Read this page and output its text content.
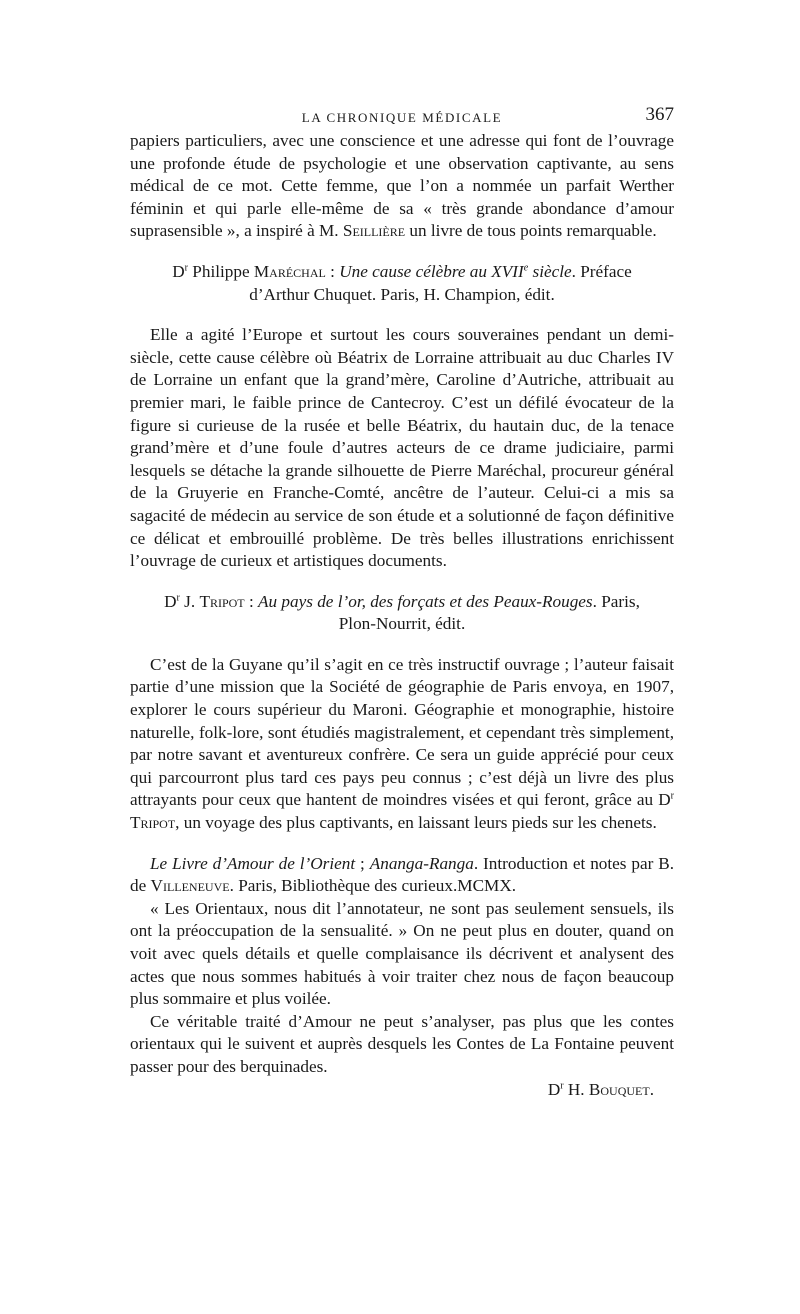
LA CHRONIQUE MÉDICALE	367

papiers particuliers, avec une conscience et une adresse qui font de l’ouvrage une profonde étude de psychologie et une observation captivante, au sens médical de ce mot. Cette femme, que l’on a nommée un parfait Werther féminin et qui parle elle-même de sa « très grande abondance d’amour suprasensible », a inspiré à M. Seillière un livre de tous points remarquable.

$D^r$ Philippe Maréchal : Une cause célèbre au XVIIe siècle. Préface
d’Arthur Chuquet. Paris, H. Champion, édit.

Elle a agité l’Europe et surtout les cours souveraines pendant un demi-siècle, cette cause célèbre où Béatrix de Lorraine attribuait au duc Charles IV de Lorraine un enfant que la grand’mère, Caroline d’Autriche, attribuait au premier mari, le faible prince de Cantecroy. C’est un défilé évocateur de la figure si curieuse de la rusée et belle Béatrix, du hautain duc, de la tenace grand’mère et d’une foule d’autres acteurs de ce drame judiciaire, parmi lesquels se détache la grande silhouette de Pierre Maréchal, procureur général de la Gruyerie en Franche-Comté, ancêtre de l’auteur. Celui-ci a mis sa sagacité de médecin au service de son étude et a solutionné de façon définitive ce délicat et embrouillé problème. De très belles illustrations enrichissent l’ouvrage de curieux et artistiques documents.

$D^r$ J. Tripot : Au pays de l’or, des forçats et des Peaux-Rouges. Paris,
Plon-Nourrit, édit.

C’est de la Guyane qu’il s’agit en ce très instructif ouvrage ; l’auteur faisait partie d’une mission que la Société de géographie de Paris envoya, en 1907, explorer le cours supérieur du Maroni. Géographie et monographie, histoire naturelle, folk-lore, sont étudiés magistralement, et cependant très simplement, par notre savant et aventureux confrère. Ce sera un guide apprécié pour ceux qui parcourront plus tard ces pays peu connus ; c’est déjà un livre des plus attrayants pour ceux que hantent de moindres visées et qui feront, grâce au $D^r$ Tripot, un voyage des plus captivants, en laissant leurs pieds sur les chenets.

Le Livre d’Amour de l’Orient ; Ananga-Ranga. Introduction et notes par B. de Villeneuve. Paris, Bibliothèque des curieux.MCMX.

« Les Orientaux, nous dit l’annotateur, ne sont pas seulement sensuels, ils ont la préoccupation de la sensualité. » On ne peut plus en douter, quand on voit avec quels détails et quelle complaisance ils décrivent et analysent des actes que nous sommes habitués à voir traiter chez nous de façon beaucoup plus sommaire et plus voilée.

Ce véritable traité d’Amour ne peut s’analyser, pas plus que les contes orientaux qui le suivent et auprès desquels les Contes de La Fontaine peuvent passer pour des berquinades.

$D^r$ H. Bouquet.
